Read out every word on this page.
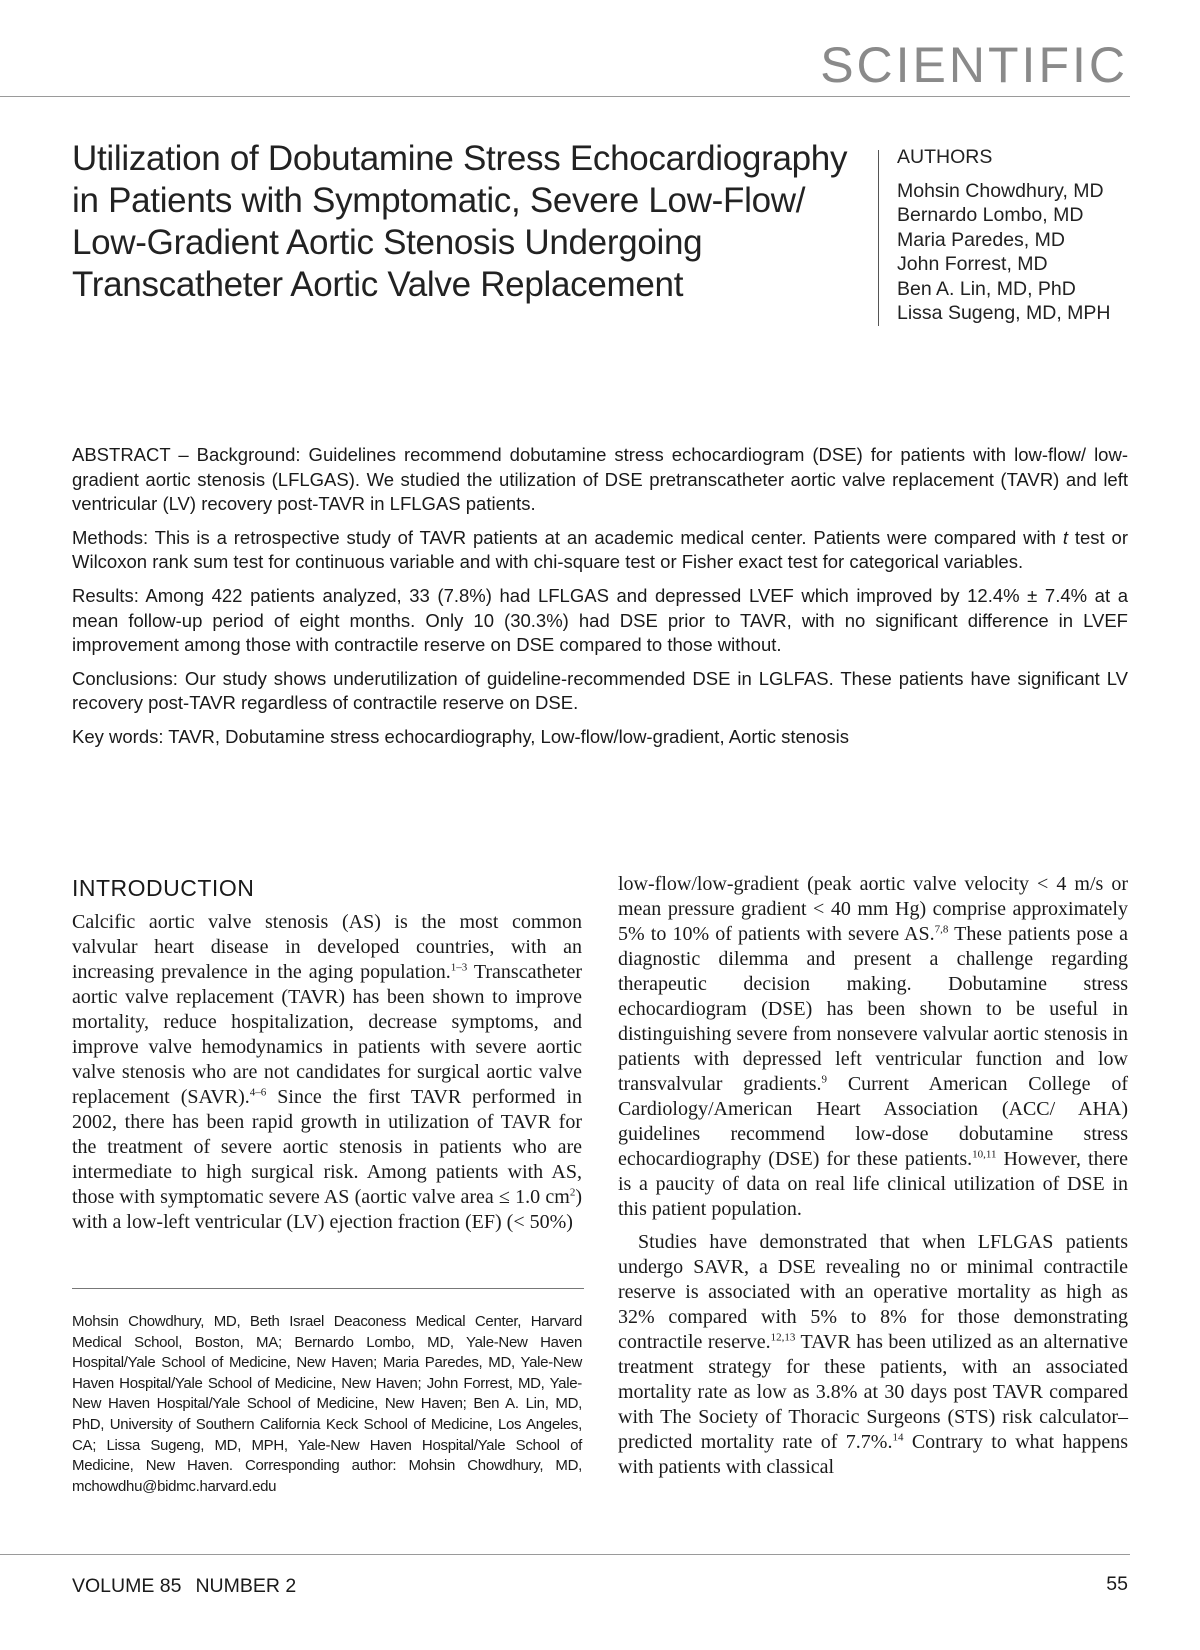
SCIENTIFIC
Utilization of Dobutamine Stress Echocardiography in Patients with Symptomatic, Severe Low-Flow/ Low-Gradient Aortic Stenosis Undergoing Transcatheter Aortic Valve Replacement
AUTHORS
Mohsin Chowdhury, MD
Bernardo Lombo, MD
Maria Paredes, MD
John Forrest, MD
Ben A. Lin, MD, PhD
Lissa Sugeng, MD, MPH

ABSTRACT – Background: Guidelines recommend dobutamine stress echocardiogram (DSE) for patients with low-flow/ low-gradient aortic stenosis (LFLGAS). We studied the utilization of DSE pretranscatheter aortic valve replacement (TAVR) and left ventricular (LV) recovery post-TAVR in LFLGAS patients.

Methods: This is a retrospective study of TAVR patients at an academic medical center. Patients were compared with t test or Wilcoxon rank sum test for continuous variable and with chi-square test or Fisher exact test for categorical variables.

Results: Among 422 patients analyzed, 33 (7.8%) had LFLGAS and depressed LVEF which improved by 12.4% ± 7.4% at a mean follow-up period of eight months. Only 10 (30.3%) had DSE prior to TAVR, with no significant difference in LVEF improvement among those with contractile reserve on DSE compared to those without.

Conclusions: Our study shows underutilization of guideline-recommended DSE in LGLFAS. These patients have significant LV recovery post-TAVR regardless of contractile reserve on DSE.

Key words: TAVR, Dobutamine stress echocardiography, Low-flow/low-gradient, Aortic stenosis

INTRODUCTION

Calcific aortic valve stenosis (AS) is the most common valvular heart disease in developed countries, with an increasing prevalence in the aging population.$^{1-3}$ Transcatheter aortic valve replacement (TAVR) has been shown to improve mortality, reduce hospitalization, decrease symptoms, and improve valve hemodynamics in patients with severe aortic valve stenosis who are not candidates for surgical aortic valve replacement (SAVR).$^{4-6}$ Since the first TAVR performed in 2002, there has been rapid growth in utilization of TAVR for the treatment of severe aortic stenosis in patients who are intermediate to high surgical risk. Among patients with AS, those with symptomatic severe AS (aortic valve area ≤ 1.0 $cm^2$) with a low-left ventricular (LV) ejection fraction (EF) (< 50%)

low-flow/low-gradient (peak aortic valve velocity < 4 m/s or mean pressure gradient < 40 mm Hg) comprise approximately 5% to 10% of patients with severe AS.$^{7,8}$ These patients pose a diagnostic dilemma and present a challenge regarding therapeutic decision making. Dobutamine stress echocardiogram (DSE) has been shown to be useful in distinguishing severe from nonsevere valvular aortic stenosis in patients with depressed left ventricular function and low transvalvular gradients.$^9$ Current American College of Cardiology/American Heart Association (ACC/ AHA) guidelines recommend low-dose dobutamine stress echocardiography (DSE) for these patients.$^{10,11}$ However, there is a paucity of data on real life clinical utilization of DSE in this patient population.

Studies have demonstrated that when LFLGAS patients undergo SAVR, a DSE revealing no or minimal contractile reserve is associated with an operative mortality as high as 32% compared with 5% to 8% for those demonstrating contractile reserve.$^{12,13}$ TAVR has been utilized as an alternative treatment strategy for these patients, with an associated mortality rate as low as 3.8% at 30 days post TAVR compared with The Society of Thoracic Surgeons (STS) risk calculator–predicted mortality rate of 7.7%.$^{14}$ Contrary to what happens with patients with classical

Mohsin Chowdhury, MD, Beth Israel Deaconess Medical Center, Harvard Medical School, Boston, MA; Bernardo Lombo, MD, Yale-New Haven Hospital/Yale School of Medicine, New Haven; Maria Paredes, MD, Yale-New Haven Hospital/Yale School of Medicine, New Haven; John Forrest, MD, Yale-New Haven Hospital/Yale School of Medicine, New Haven; Ben A. Lin, MD, PhD, University of Southern California Keck School of Medicine, Los Angeles, CA; Lissa Sugeng, MD, MPH, Yale-New Haven Hospital/Yale School of Medicine, New Haven. Corresponding author: Mohsin Chowdhury, MD, mchowdhu@bidmc.harvard.edu
VOLUME 85 NUMBER 2	55
